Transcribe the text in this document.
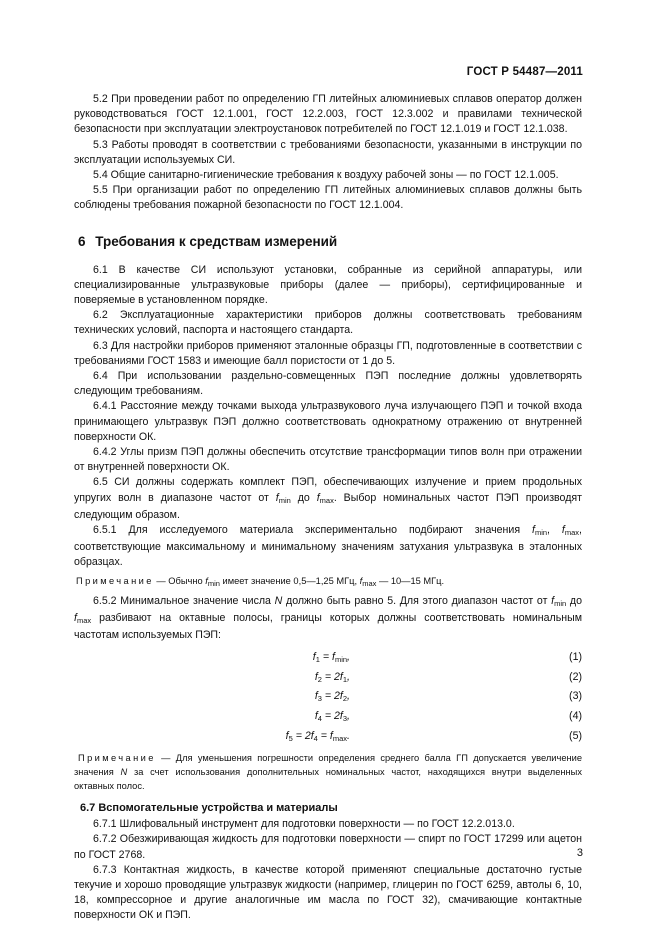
ГОСТ Р 54487—2011

5.2 При проведении работ по определению ГП литейных алюминиевых сплавов оператор должен руководствоваться ГОСТ 12.1.001, ГОСТ 12.2.003, ГОСТ 12.3.002 и правилами технической безопасности при эксплуатации электроустановок потребителей по ГОСТ 12.1.019 и ГОСТ 12.1.038.

5.3 Работы проводят в соответствии с требованиями безопасности, указанными в инструкции по эксплуатации используемых СИ.

5.4 Общие санитарно-гигиенические требования к воздуху рабочей зоны — по ГОСТ 12.1.005.

5.5 При организации работ по определению ГП литейных алюминиевых сплавов должны быть соблюдены требования пожарной безопасности по ГОСТ 12.1.004.

6 Требования к средствам измерений

6.1 В качестве СИ используют установки, собранные из серийной аппаратуры, или специализированные ультразвуковые приборы (далее — приборы), сертифицированные и поверяемые в установленном порядке.

6.2 Эксплуатационные характеристики приборов должны соответствовать требованиям технических условий, паспорта и настоящего стандарта.

6.3 Для настройки приборов применяют эталонные образцы ГП, подготовленные в соответствии с требованиями ГОСТ 1583 и имеющие балл пористости от 1 до 5.

6.4 При использовании раздельно-совмещенных ПЭП последние должны удовлетворять следующим требованиям.

6.4.1 Расстояние между точками выхода ультразвукового луча излучающего ПЭП и точкой входа принимающего ультразвук ПЭП должно соответствовать однократному отражению от внутренней поверхности ОК.

6.4.2 Углы призм ПЭП должны обеспечить отсутствие трансформации типов волн при отражении от внутренней поверхности ОК.

6.5 СИ должны содержать комплект ПЭП, обеспечивающих излучение и прием продольных упругих волн в диапазоне частот от $f_{min}$ до $f_{max}$. Выбор номинальных частот ПЭП производят следующим образом.

6.5.1 Для исследуемого материала экспериментально подбирают значения $f_{min}$, $f_{max}$, соответствующие максимальному и минимальному значениям затухания ультразвука в эталонных образцах.

Примечание — Обычно $f_{min}$ имеет значение 0,5—1,25 МГц, $f_{max}$ — 10—15 МГц.

6.5.2 Минимальное значение числа N должно быть равно 5. Для этого диапазон частот от $f_{min}$ до $f_{max}$ разбивают на октавные полосы, границы которых должны соответствовать номинальным частотам используемых ПЭП:

$f_1 = f_{min}$,	(1)
$f_2 = 2f_1$,	(2)
$f_3 = 2f_2$,	(3)
$f_4 = 2f_3$,	(4)
$f_5 = 2f_4 = f_{max}$.	(5)

Примечание — Для уменьшения погрешности определения среднего балла ГП допускается увеличение значения N за счет использования дополнительных номинальных частот, находящихся внутри выделенных октавных полос.

6.7 Вспомогательные устройства и материалы

6.7.1 Шлифовальный инструмент для подготовки поверхности — по ГОСТ 12.2.013.0.

6.7.2 Обезжиривающая жидкость для подготовки поверхности — спирт по ГОСТ 17299 или ацетон по ГОСТ 2768.

6.7.3 Контактная жидкость, в качестве которой применяют специальные достаточно густые текучие и хорошо проводящие ультразвук жидкости (например, глицерин по ГОСТ 6259, автолы 6, 10, 18, компрессорное и другие аналогичные им масла по ГОСТ 32), смачивающие контактные поверхности ОК и ПЭП.

3
